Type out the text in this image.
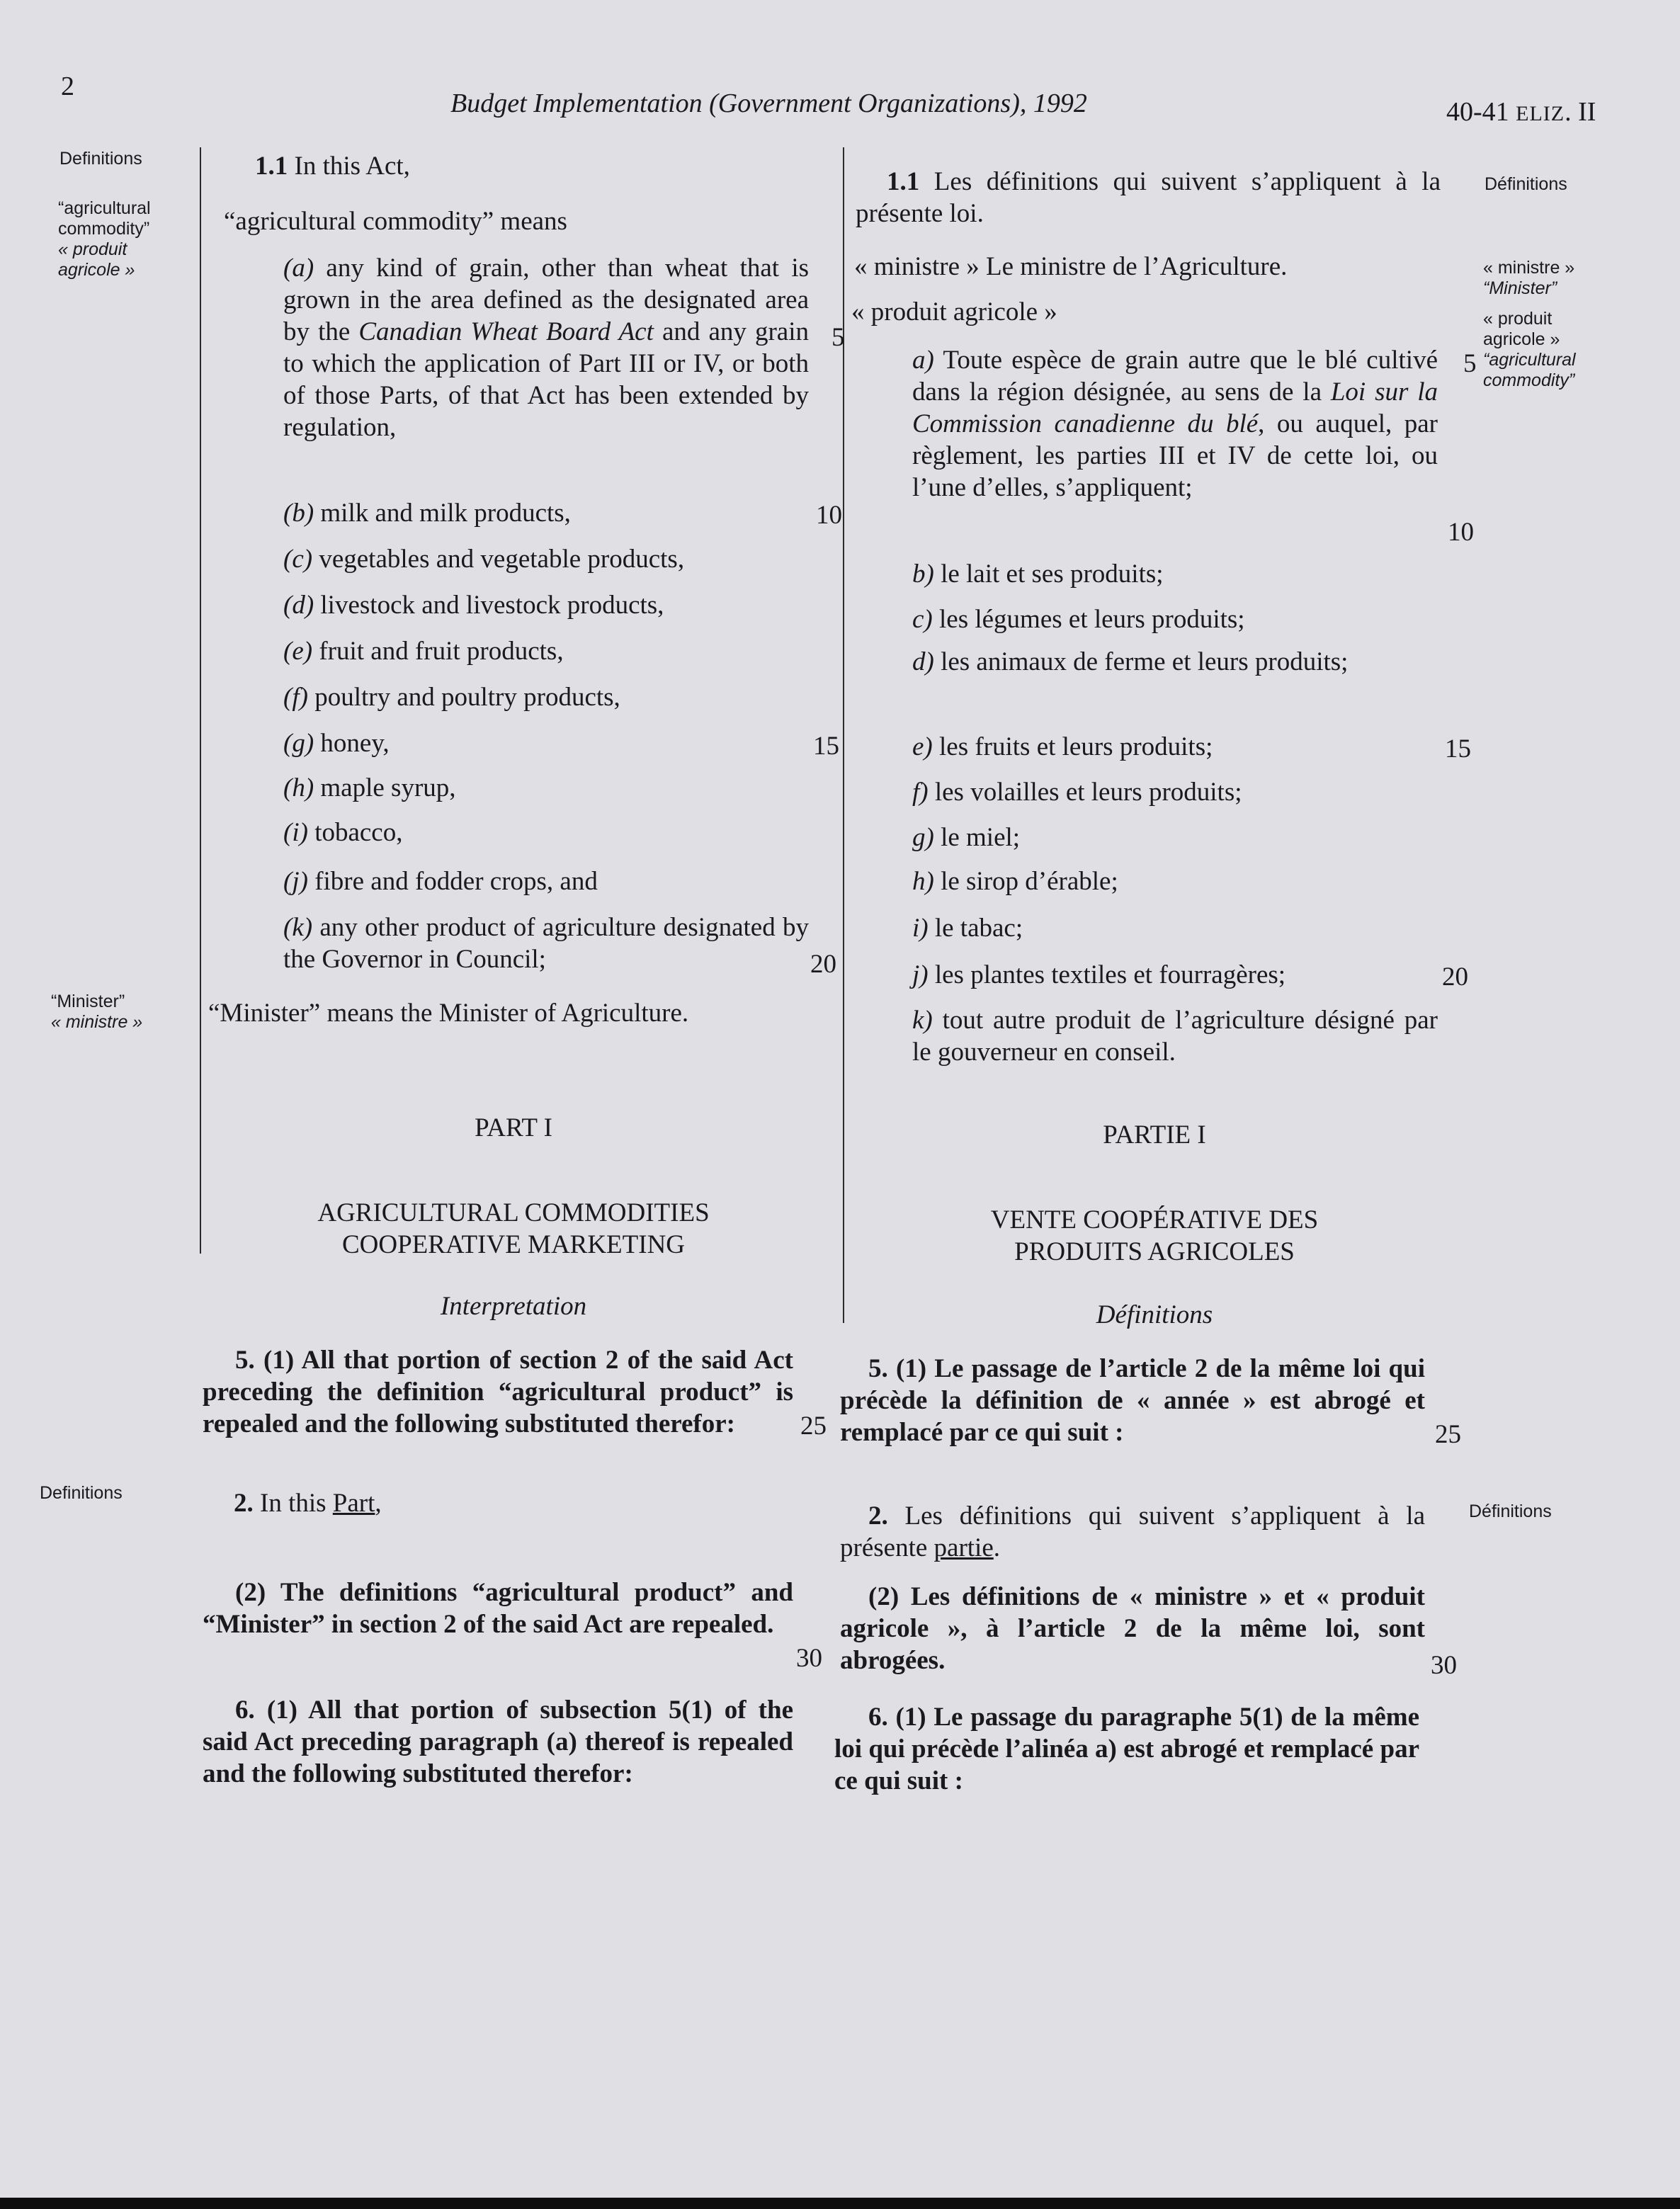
2
Budget Implementation (Government Organizations), 1992	40-41 ELIZ. II
Definitions
“agricultural commodity”
« produit agricole »
“Minister”
« ministre »
Definitions
1.1 In this Act,
“agricultural commodity” means
(a) any kind of grain, other than wheat that is grown in the area defined as the designated area by the Canadian Wheat Board Act and any grain to which the application of Part III or IV, or both of those Parts, of that Act has been extended by regulation,
(b) milk and milk products,
(c) vegetables and vegetable products,
(d) livestock and livestock products,
(e) fruit and fruit products,
(f) poultry and poultry products,
(g) honey,
(h) maple syrup,
(i) tobacco,
(j) fibre and fodder crops, and
(k) any other product of agriculture designated by the Governor in Council;
“Minister” means the Minister of Agriculture.
PART I
AGRICULTURAL COMMODITIES
COOPERATIVE MARKETING
Interpretation
5. (1) All that portion of section 2 of the said Act preceding the definition “agricultural product” is repealed and the following substituted therefor:
2. In this Part,
(2) The definitions “agricultural product” and “Minister” in section 2 of the said Act are repealed.
6. (1) All that portion of subsection 5(1) of the said Act preceding paragraph (a) thereof is repealed and the following substituted therefor:
5
10
15
20
25
30
1.1 Les définitions qui suivent s’appliquent à la présente loi.
« ministre » Le ministre de l’Agriculture.
« produit agricole »
a) Toute espèce de grain autre que le blé cultivé dans la région désignée, au sens de la Loi sur la Commission canadienne du blé, ou auquel, par règlement, les parties III et IV de cette loi, ou l’une d’elles, s’appliquent;
b) le lait et ses produits;
c) les légumes et leurs produits;
d) les animaux de ferme et leurs produits;
e) les fruits et leurs produits;
f) les volailles et leurs produits;
g) le miel;
h) le sirop d’érable;
i) le tabac;
j) les plantes textiles et fourragères;
k) tout autre produit de l’agriculture désigné par le gouverneur en conseil.
PARTIE I
VENTE COOPÉRATIVE DES
PRODUITS AGRICOLES
Définitions
5. (1) Le passage de l’article 2 de la même loi qui précède la définition de « année » est abrogé et remplacé par ce qui suit :
2. Les définitions qui suivent s’appliquent à la présente partie.
(2) Les définitions de « ministre » et « produit agricole », à l’article 2 de la même loi, sont abrogées.
6. (1) Le passage du paragraphe 5(1) de la même loi qui précède l’alinéa a) est abrogé et remplacé par ce qui suit :
5
10
15
20
25
30
Définitions
« ministre »
“Minister”
« produit agricole »
“agricultural commodity”
Définitions
